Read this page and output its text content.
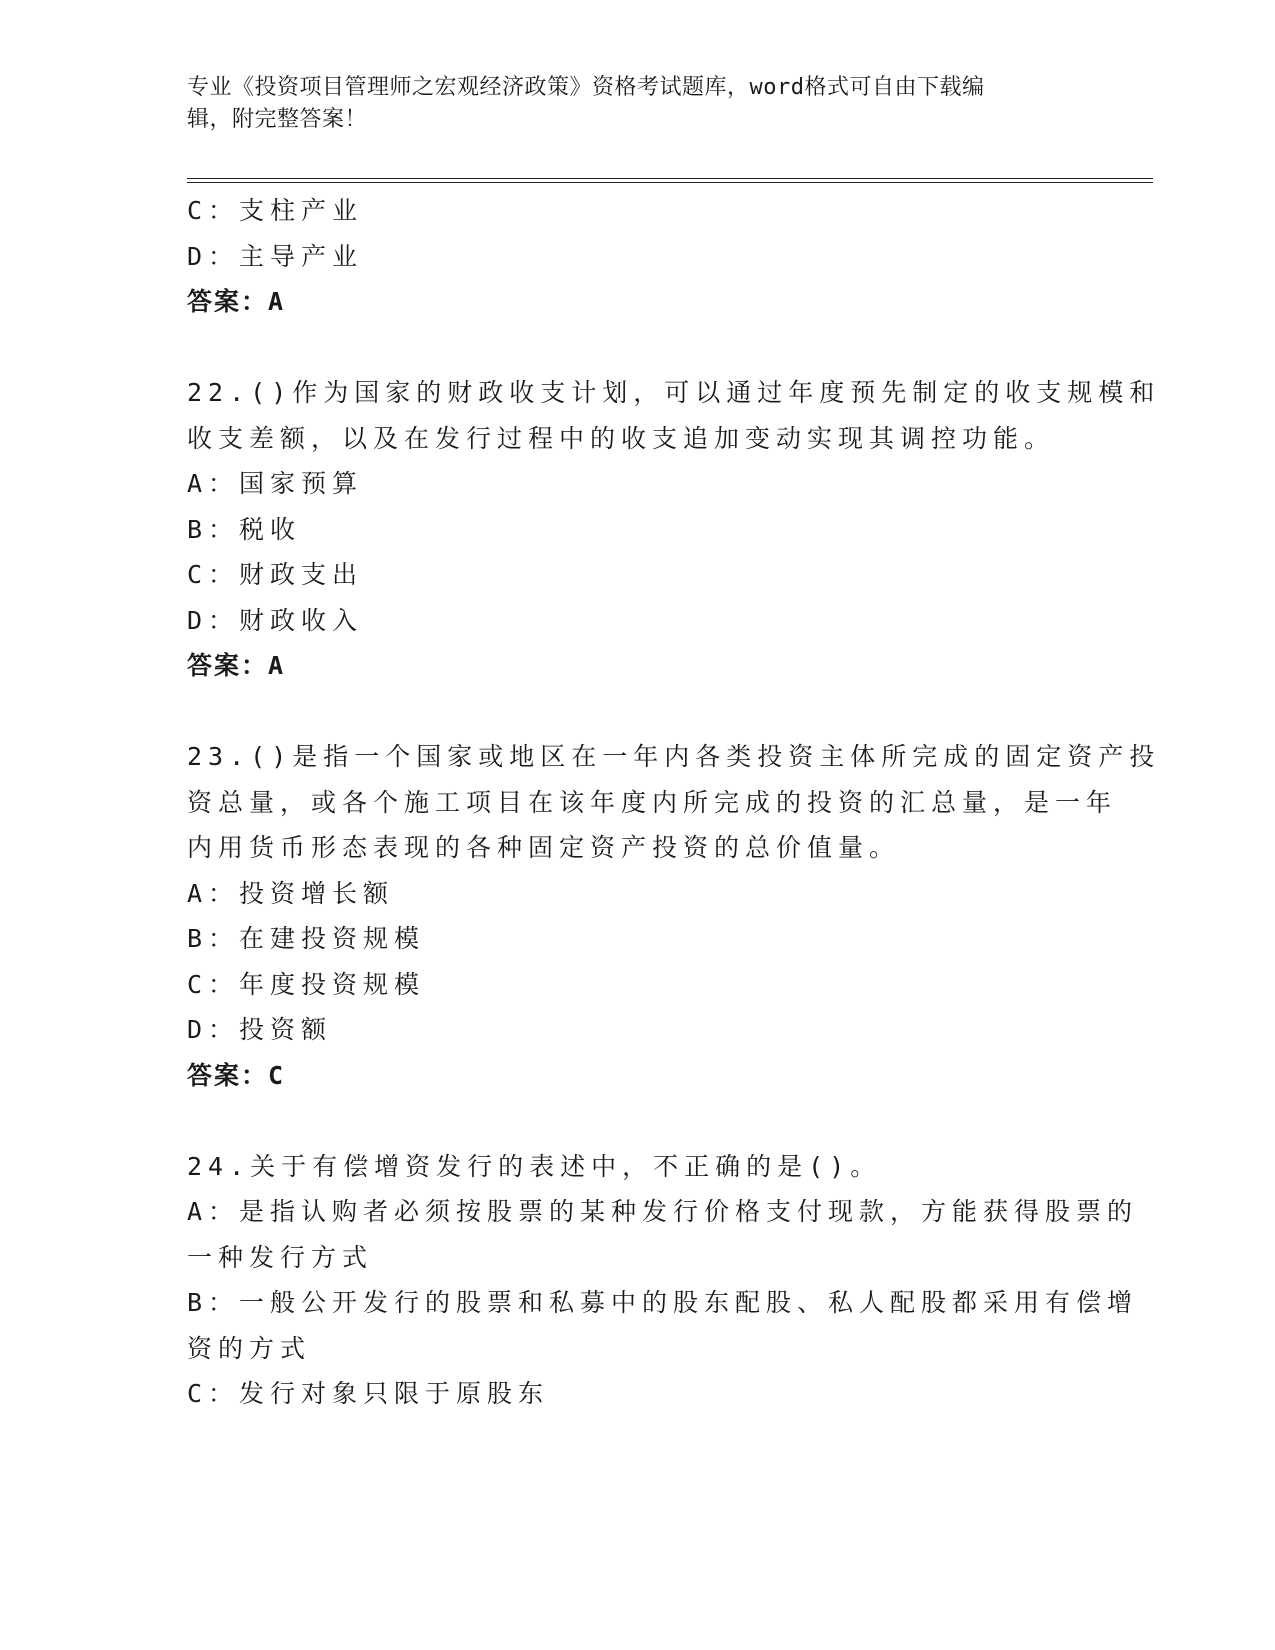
专业《投资项目管理师之宏观经济政策》资格考试题库，word格式可自由下载编
辑，附完整答案！
C：支柱产业
D：主导产业
答案：A
22.()作为国家的财政收支计划，可以通过年度预先制定的收支规模和
收支差额，以及在发行过程中的收支追加变动实现其调控功能。
A：国家预算
B：税收
C：财政支出
D：财政收入
答案：A
23.()是指一个国家或地区在一年内各类投资主体所完成的固定资产投
资总量，或各个施工项目在该年度内所完成的投资的汇总量，是一年
内用货币形态表现的各种固定资产投资的总价值量。
A：投资增长额
B：在建投资规模
C：年度投资规模
D：投资额
答案：C
24.关于有偿增资发行的表述中，不正确的是()。
A：是指认购者必须按股票的某种发行价格支付现款，方能获得股票的
一种发行方式
B：一般公开发行的股票和私募中的股东配股、私人配股都采用有偿增
资的方式
C：发行对象只限于原股东
